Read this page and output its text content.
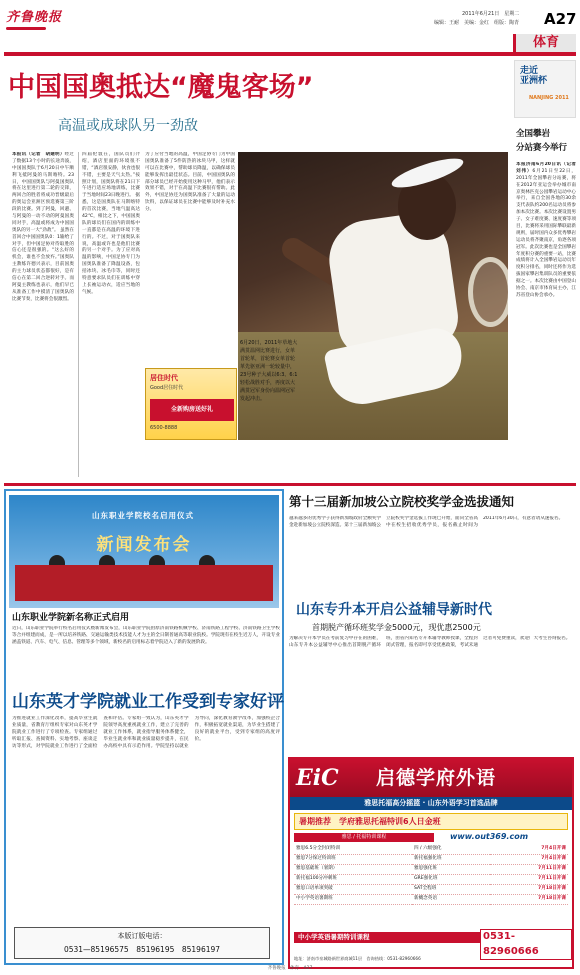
齐鲁晚报	2011年6月21日　星期二
编辑：王耐　美编：金红　组版：陶青 A27
体育
中国国奥抵达“魔鬼客场”
高温或成球队另一劲敌
本报讯（记者　胡建明）经过了数据13个小时的长途奔波，中国国奥队于6月20日中午顺利飞抵阿曼的马斯喀特。23日，中国国奥队与阿曼国奥队将在这里进行第二轮的交锋，两回合的胜者将成功晋级最后的奥运会亚洲区预选赛第三阶段的比赛。到了阿曼，回避、与阿曼的一动不动的阿曼国奥同对手，高温或将成为中国国奥队的另一大“劲敌”。 虽然在首回合中国国奥队0：1输给了对手，但中国足协对待取胜的信心还是很强的。“这么好的机会，谁也不会放弃。”国奥队主教练许德兴表示，目前国奥的主力球员状态都很好，是有信心在第二回合逆转对手。而阿曼主教练也表示，他们早已从准备工作中摸清了国奥队的比赛节奏，比赛将会很激烈。
四届伦敦在，国队员们介绍，酒店里面的环境很不错，“酒店很安静，伙食也很不错，主要是天气太热。”按照计划，国奥队将在21日下午进行适应场地训练，比赛于当地时间23日晚进行。 据悉，这是国奥队在马斯喀特的首次比赛，当地气温高达42℃，相比之下，中国国奥队的球员们在国内的训练中一直都是在高温的环境下进行的。不过，对于国奥队来说，高温或许也是他们比赛的另一个对手。为了应对高温的影响，中国足协专门为国奥队准备了降温设备，包括冰块、冰毛巾等，同时还特意要求队员们在训练中穿上长袖运动衣，适应当地的气候。
为了应付当地的高温，中国足协专门为中国国奥队准备了5件防热的冰块马甲，这样就可以在比赛中，帮助球员降温，以确保球员能够发挥出最佳状态。目前，中国国奥队的部分球员已经开始使用这种马甲，他们表示效果不错，对于在高温下比赛很有帮助。此外，中国足协还为国奥队准备了大量的运动饮料，以保证球员在比赛中能够及时补充水分。
居住时代
Good居住时代
全新购房送好礼
6500-8888
6月20日，2011年草地大满贯温网比赛进行，女单首轮革，首轮赛女单首轮革先驱亚洲一轮较量中，23号种子大威以6:3、6:1轻松战胜对手，再度以大满贯冠军身份向温网冠军发起冲击。
走近
亚洲杯
NANJING 2011
全国攀岩
分站赛今举行
本报济南6月20日讯（记者　刘伟）6月21日至22日，2011年全国攀岩分站赛，将在2012年亚运会举办城市南京奥林匹克公园攀岩运动中心举行，来自全国各地的30余支代表队约200名运动员将参加本次比赛。本次比赛设置男子、女子难度赛、速度赛等项目，比赛将采用国际攀联最新规则，届时国内众多优秀攀岩运动员将齐聚南京，角逐各项冠军。此次比赛也是全国攀岩年度积分赛的重要一站，比赛成绩将计入全国攀岩运动员年度积分排名，同时还将作为选拔国家攀岩集训队员的重要依据之一。本次比赛由中国登山协会、南京市体育局主办，江苏省登山协会承办。
山东职业学院校名启用仪式
新闻发布会
山东职业学院新名称正式启用
近日，山东职业学院举行校名启用仪式暨新闻发布会，山东职业学院由原济南铁路机械学校、济南铁路工程学校、济南铁路卫生学校等合并组建而成，是一所以培养铁路、交通运输类技术技能人才为主的全日制普通高等职业院校。学院现有在校生近万人，开设专业涵盖铁道、汽车、电气、信息、管理等多个领域，新校名的启用标志着学院迈入了新的发展阶段。
山东英才学院就业工作受到专家好评
为推进就业工作深化改革，提高毕业生就业质量，省教育厅组织专家对山东英才学院就业工作进行了专项检查。专家组通过听取汇报、查阅资料、实地考察、座谈走访等形式，对学院就业工作进行了全面检查和评估。专家组一致认为，山东英才学院领导高度重视就业工作，建立了完善的就业工作体系，就业指导服务体系健全，毕业生就业率和就业质量稳步提升，在民办高校中具有示范作用。学院坚持以就业为导向，深化教育教学改革，加强校企合作，积极拓宽就业渠道，为毕业生搭建了良好的就业平台，受到专家组的高度评价。
本版订版电话：
0531—85196575　85196195　85196197
第十三届新加坡公立院校奖学金选拔通知
越来越多的优秀学子获得新加坡政府全额奖学金赴新加坡公立院校深造。第十三届新加坡公立院校奖学金选拔工作现已开始，面向全省高中在校生招收优秀学员，报名截止时间为2011年6月30日，有意者请从速报名。
山东专升本开启公益辅导新时代
首期脱产循环班奖学金5000元，现优惠2500元
为解决专升本学员在考前复习中存在的困难，山东专升本公益辅导中心推出首期脱产循环班，由省内知名专升本辅导教师授课，全程封闭式管理，报名即可享受优惠政策，考试未通过者可免费重读，欢迎广大考生咨询报名。
EiC 启德学府外语
雅思托福高分摇篮 · 山东外语学习首选品牌
暑期推荐　学府雅思托福特训6人日金班
雅思 / 托福特训课程	www.out369.com
雅思6.5分全封闭特训	四 / 六级强化	7月4日开课
雅思7分保过特训班	新托福强化班	7月4日开课
雅思基础班（暑期）	雅思强化班	7月11日开课
新托福100分冲刺班	GRE强化班	7月11日开课
雅思口语单项突破	SAT全程班	7月18日开课
中小学英语暑期班	新概念英语	7月18日开课
中小学英语暑期特训课程	0531-82960666
地址：济南市泉城路新世界商城11层　咨询热线：0531-82960666
齐鲁晚报　体育　A27
